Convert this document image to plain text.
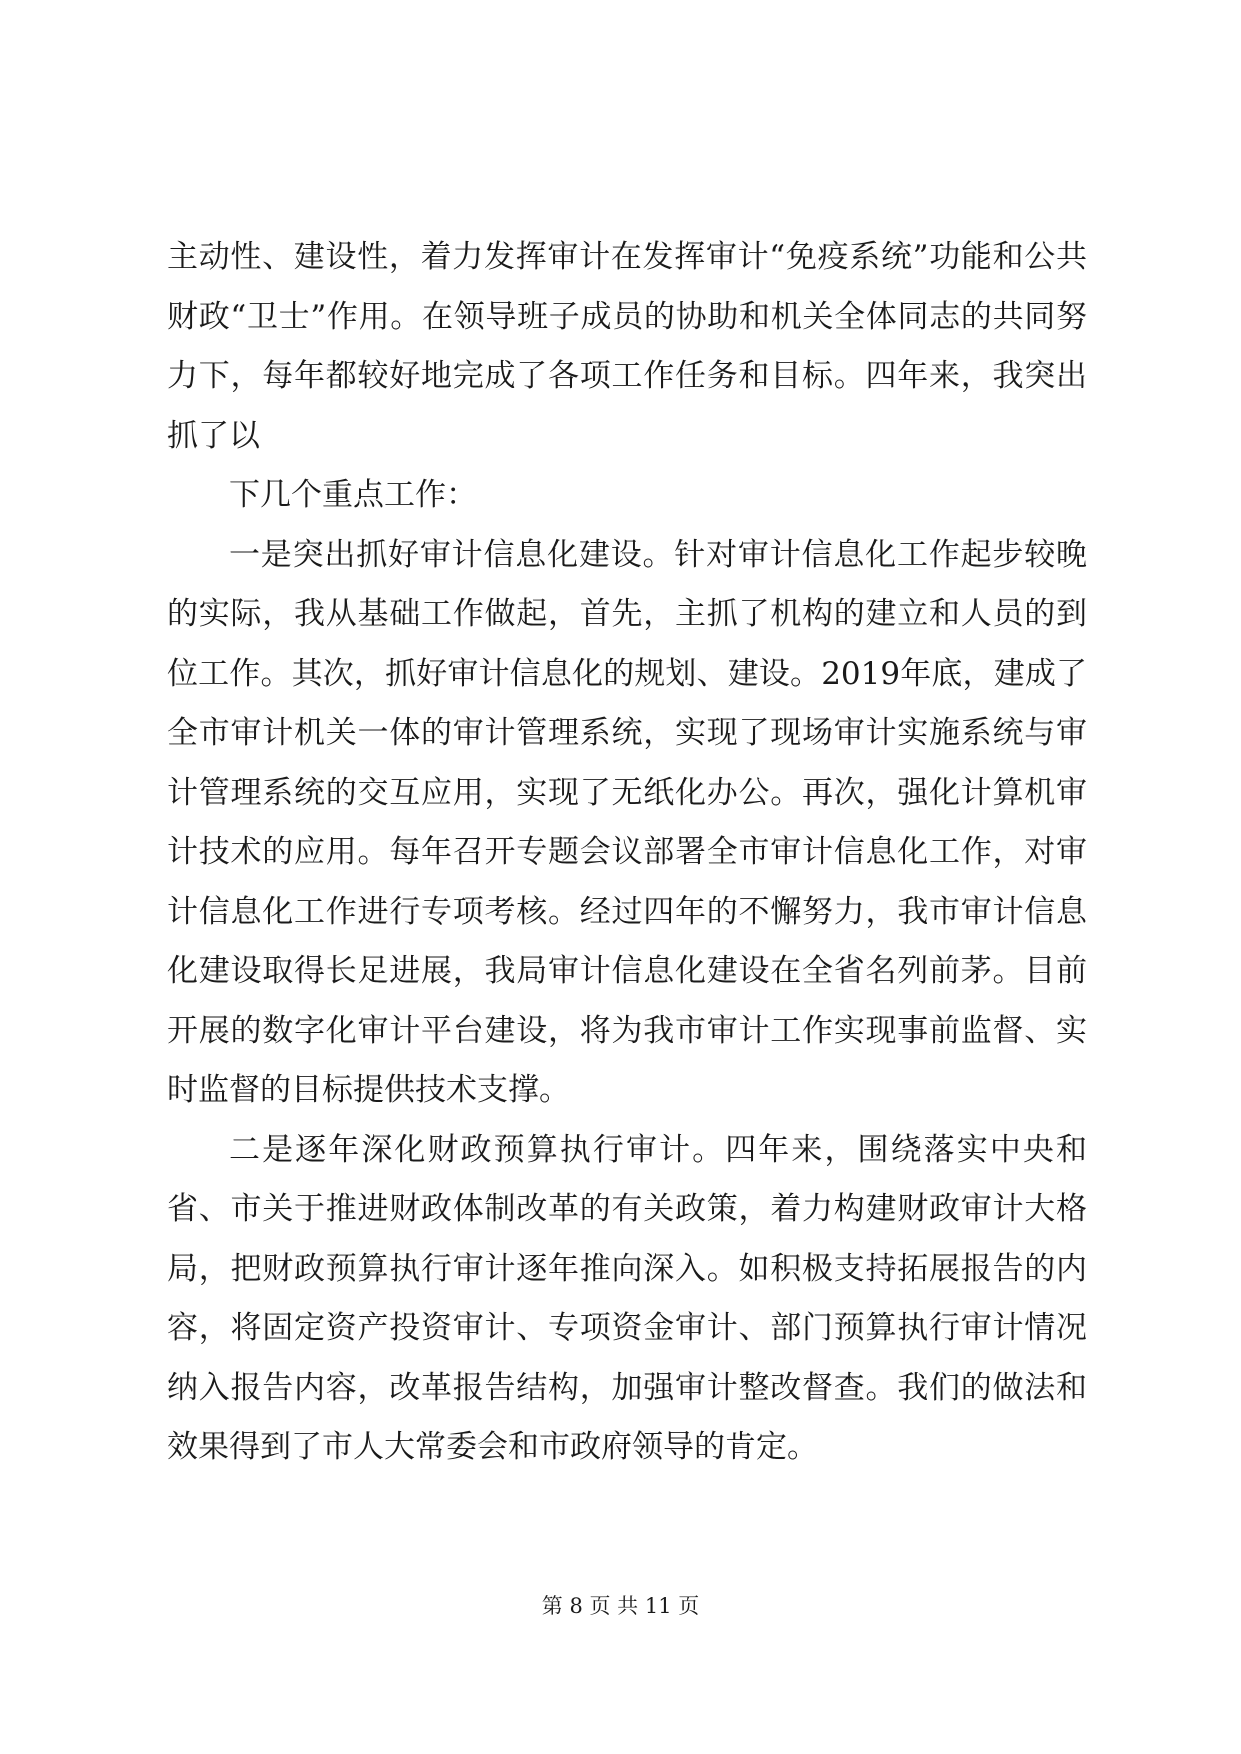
主动性、建设性，着力发挥审计在发挥审计“免疫系统”功能和公共财政“卫士”作用。在领导班子成员的协助和机关全体同志的共同努力下，每年都较好地完成了各项工作任务和目标。四年来，我突出抓了以

下几个重点工作：

一是突出抓好审计信息化建设。针对审计信息化工作起步较晚的实际，我从基础工作做起，首先，主抓了机构的建立和人员的到位工作。其次，抓好审计信息化的规划、建设。2019年底，建成了全市审计机关一体的审计管理系统，实现了现场审计实施系统与审计管理系统的交互应用，实现了无纸化办公。再次，强化计算机审计技术的应用。每年召开专题会议部署全市审计信息化工作，对审计信息化工作进行专项考核。经过四年的不懈努力，我市审计信息化建设取得长足进展，我局审计信息化建设在全省名列前茅。目前开展的数字化审计平台建设，将为我市审计工作实现事前监督、实时监督的目标提供技术支撑。

二是逐年深化财政预算执行审计。四年来，围绕落实中央和省、市关于推进财政体制改革的有关政策，着力构建财政审计大格局，把财政预算执行审计逐年推向深入。如积极支持拓展报告的内容，将固定资产投资审计、专项资金审计、部门预算执行审计情况纳入报告内容，改革报告结构，加强审计整改督查。我们的做法和效果得到了市人大常委会和市政府领导的肯定。

第 8 页 共 11 页
